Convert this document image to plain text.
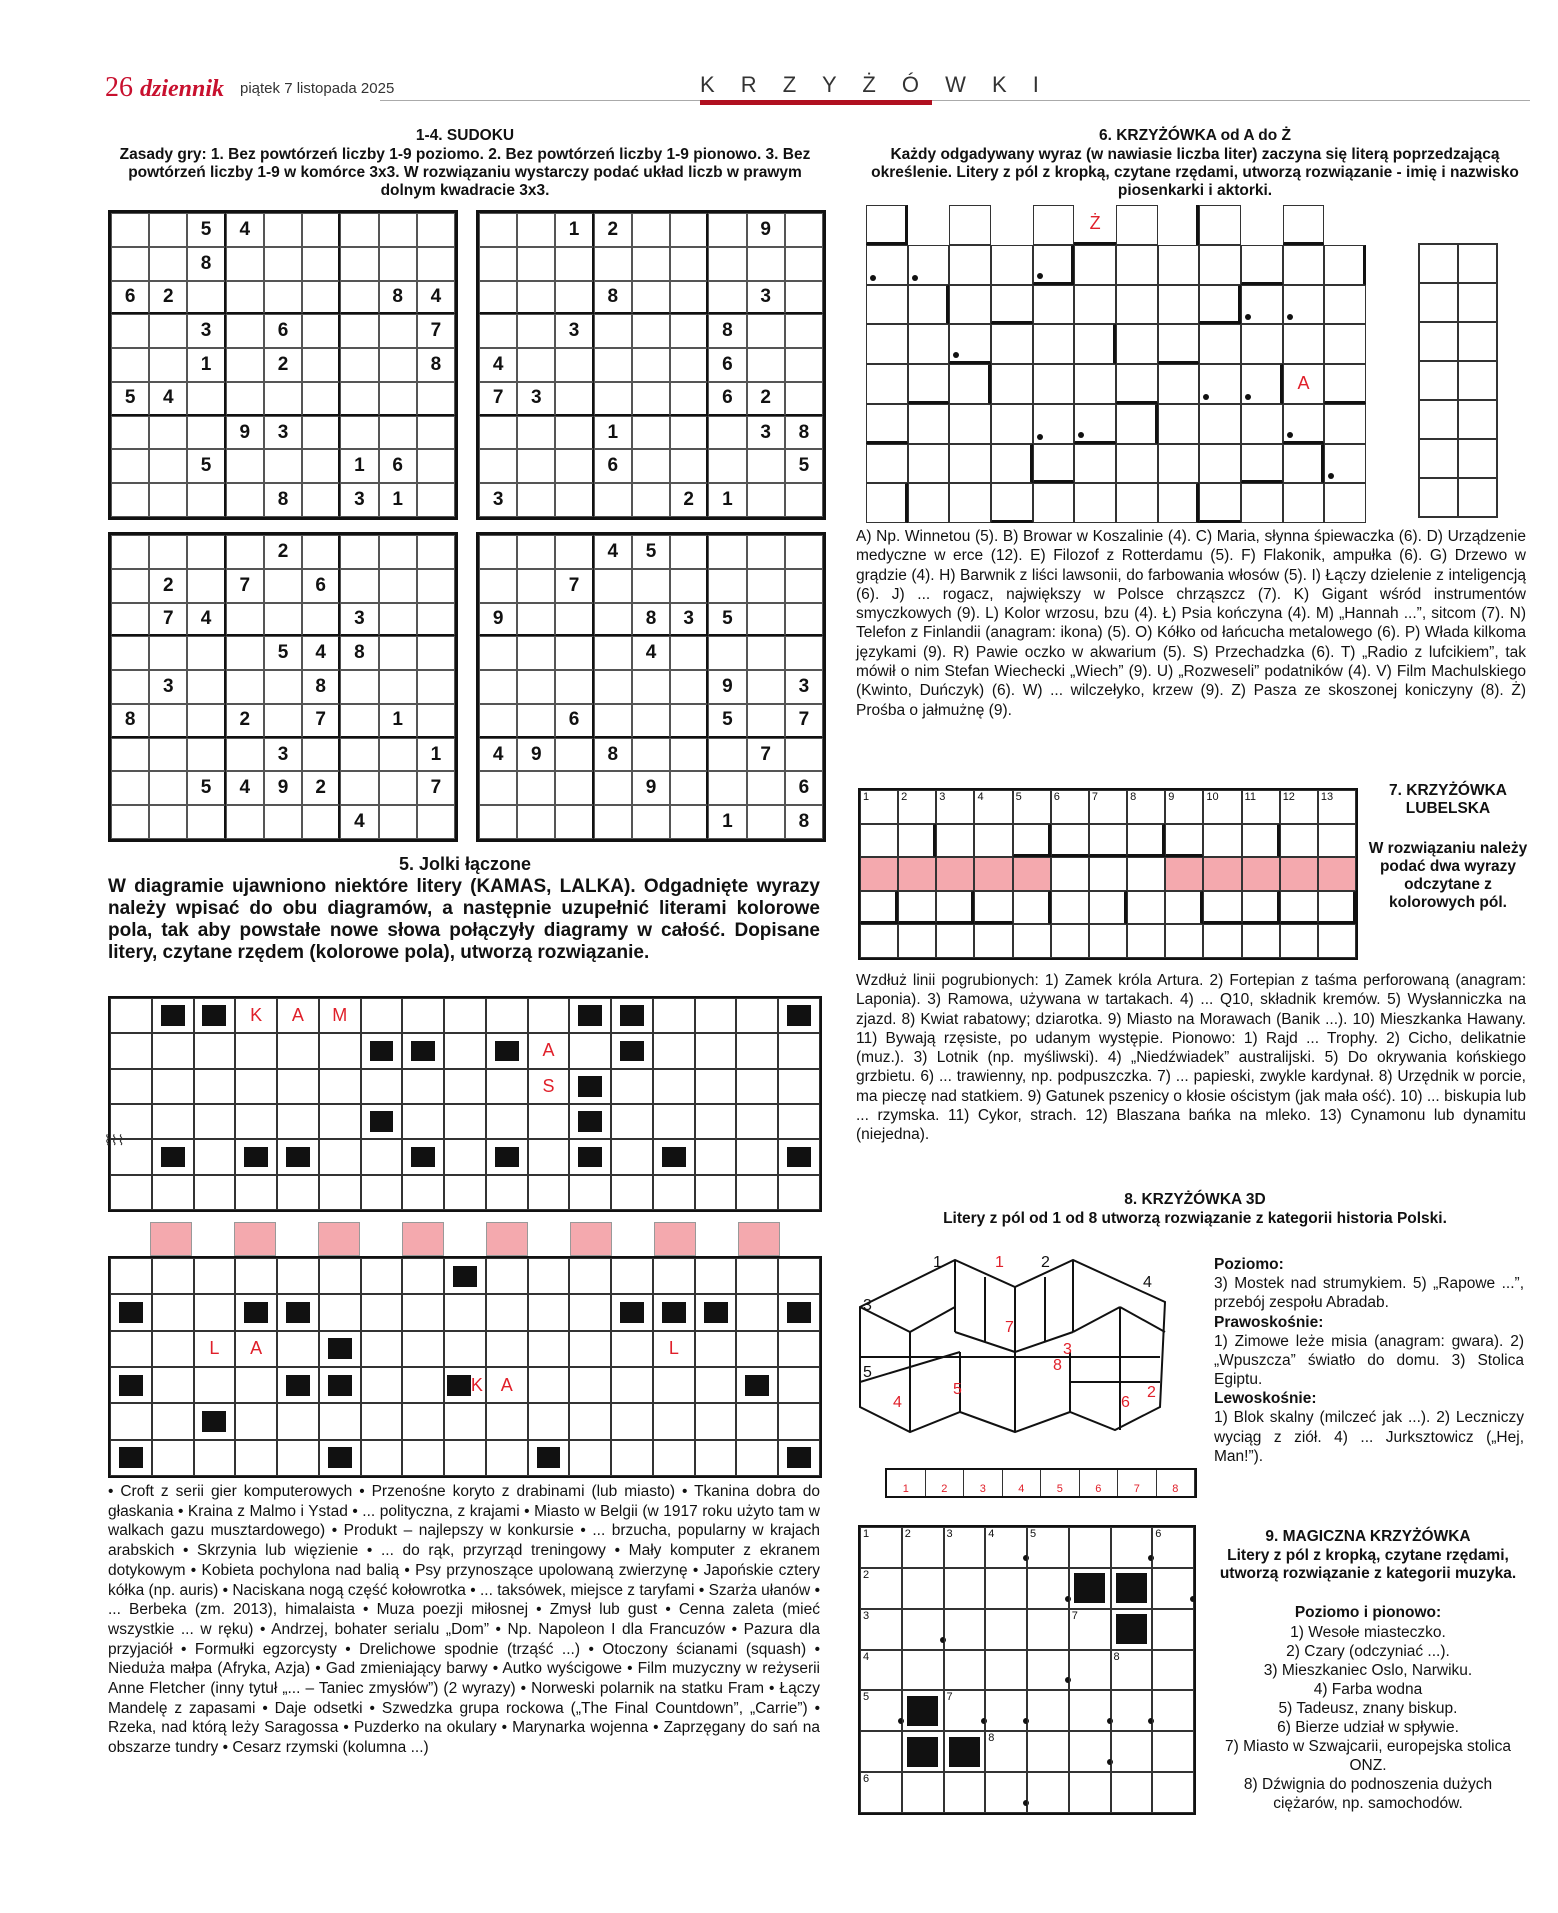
26 dziennik piątek 7 listopada 2025	K R Z Y Ż Ó W K I
1-4. SUDOKU
Zasady gry: 1. Bez powtórzeń liczby 1-9 poziomo. 2. Bez powtórzeń liczby 1-9 pionowo. 3. Bez powtórzeń liczby 1-9 w komórce 3x3. W rozwiązaniu wystarczy podać układ liczb w prawym dolnym kwadracie 3x3.
5	4
8
6	2	8	4
3	6	7
1	2	8
5	4
9	3
5	1	6
8	3	1
1	2	9
8	3
3	8
4	6
7	3	6	2
1	3	8
6	5
3	2	1
2
2	7	6
7	4	3
5	4	8
3	8
8	2	7	1
3	1
5	4	9	2	7
4
4	5
7
9	8	3	5
4
9	3
6	5	7
4	9	8	7
9	6
1	8
5. Jolki łączone
W diagramie ujawniono niektóre litery (KAMAS, LALKA). Odgadnięte wyrazy należy wpisać do obu diagramów, a następnie uzupełnić literami kolorowe pola, tak aby powstałe nowe słowa połączyły diagramy w całość. Dopisane litery, czytane rzędem (kolorowe pola), utworzą rozwiązanie.
K A M
A
S
L A	L
K A
⌇⌇⌇
• Croft z serii gier komputerowych • Przenośne koryto z drabinami (lub miasto) • Tkanina dobra do głaskania • Kraina z Malmo i Ystad • ... polityczna, z krajami • Miasto w Belgii (w 1917 roku użyto tam w walkach gazu musztardowego) • Produkt – najlepszy w konkursie • ... brzucha, popularny w krajach arabskich • Skrzynia lub więzienie • ... do rąk, przyrząd treningowy • Mały komputer z ekranem dotykowym • Kobieta pochylona nad balią • Psy przynoszące upolowaną zwierzynę • Japońskie cztery kółka (np. auris) • Naciskana nogą część kołowrotka • ... taksówek, miejsce z taryfami • Szarża ułanów • ... Berbeka (zm. 2013), himalaista • Muza poezji miłosnej • Zmysł lub gust • Cenna zaleta (mieć wszystkie ... w ręku) • Andrzej, bohater serialu „Dom” • Np. Napoleon I dla Francuzów • Pazura dla przyjaciół • Formułki egzorcysty • Drelichowe spodnie (trząść ...) • Otoczony ścianami (squash) • Nieduża małpa (Afryka, Azja) • Gad zmieniający barwy • Autko wyścigowe • Film muzyczny w reżyserii Anne Fletcher (inny tytuł „... – Taniec zmysłów”) (2 wyrazy) • Norweski polarnik na statku Fram • Łączy Mandelę z zapasami • Daje odsetki • Szwedzka grupa rockowa („The Final Countdown”, „Carrie”) • Rzeka, nad którą leży Saragossa • Puzderko na okulary • Marynarka wojenna • Zaprzęgany do sań na obszarze tundry • Cesarz rzymski (kolumna ...)
6. KRZYŻÓWKA od A do Ż
Każdy odgadywany wyraz (w nawiasie liczba liter) zaczyna się literą poprzedzającą określenie. Litery z pól z kropką, czytane rzędami, utworzą rozwiązanie - imię i nazwisko piosenkarki i aktorki.
Ż
A
A) Np. Winnetou (5). B) Browar w Koszalinie (4). C) Maria, słynna śpiewaczka (6). D) Urządzenie medyczne w erce (12). E) Filozof z Rotterdamu (5). F) Flakonik, ampułka (6). G) Drzewo w grądzie (4). H) Barwnik z liści lawsonii, do farbowania włosów (5). I) Łączy dzielenie z inteligencją (6). J) ... rogacz, największy w Polsce chrząszcz (7). K) Gigant wśród instrumentów smyczkowych (9). L) Kolor wrzosu, bzu (4). Ł) Psia kończyna (4). M) „Hannah ...”, sitcom (7). N) Telefon z Finlandii (anagram: ikona) (5). O) Kółko od łańcucha metalowego (6). P) Włada kilkoma językami (9). R) Pawie oczko w akwarium (5). S) Przechadzka (6). T) „Radio z lufcikiem”, tak mówił o nim Stefan Wiechecki „Wiech” (9). U) „Rozweseli” podatników (4). V) Film Machulskiego (Kwinto, Duńczyk) (6). W) ... wilczełyko, krzew (9). Z) Pasza ze skoszonej koniczyny (8). Ż) Prośba o jałmużnę (9).
1	2	3	4	5	6	7	8	9	10 11 12 13	7. KRZYŻÓWKA LUBELSKA
W rozwiązaniu należy podać dwa wyrazy odczytane z kolorowych pól.
Wzdłuż linii pogrubionych: 1) Zamek króla Artura. 2) Fortepian z taśma perforowaną (anagram: Laponia). 3) Ramowa, używana w tartakach. 4) ... Q10, składnik kremów. 5) Wysłanniczka na zjazd. 8) Kwiat rabatowy; dziarotka. 9) Miasto na Morawach (Banik ...). 10) Mieszkanka Hawany. 11) Bywają rzęsiste, po udanym występie. Pionowo: 1) Rajd ... Trophy. 2) Cicho, delikatnie (muz.). 3) Lotnik (np. myśliwski). 4) „Niedźwiadek” australijski. 5) Do okrywania końskiego grzbietu. 6) ... trawienny, np. podpuszczka. 7) ... papieski, zwykle kardynał. 8) Urzędnik w porcie, ma pieczę nad statkiem. 9) Gatunek pszenicy o kłosie ościstym (jak mała ość). 10) ... biskupia lub ... rzymska. 11) Cykor, strach. 12) Blaszana bańka na mleko. 13) Cynamonu lub dynamitu (niejedna).
8. KRZYŻÓWKA 3D
Litery z pól od 1 od 8 utworzą rozwiązanie z kategorii historia Polski.
1	2
3
4
5
1
2
3
4
5
6
7
8
1	2	3	4	5	6	7	8
Poziomo:
3) Mostek nad strumykiem. 5) „Rapowe ...”, przebój zespołu Abradab.
Prawoskośnie:
1) Zimowe leże misia (anagram: gwara). 2) „Wpuszcza” światło do domu. 3) Stolica Egiptu.
Lewoskośnie:
1) Blok skalny (milczeć jak ...). 2) Leczniczy wyciąg z ziół. 4) ... Jurksztowicz („Hej, Man!”).
1	2	3	4	5	6
2
3	7
4	8
5	7
8
6
9. MAGICZNA KRZYŻÓWKA
Litery z pól z kropką, czytane rzędami, utworzą rozwiązanie z kategorii muzyka.
Poziomo i pionowo:
1) Wesołe miasteczko.
2) Czary (odczyniać ...).
3) Mieszkaniec Oslo, Narwiku.
4) Farba wodna
5) Tadeusz, znany biskup.
6) Bierze udział w spływie.
7) Miasto w Szwajcarii, europejska stolica ONZ.
8) Dźwignia do podnoszenia dużych ciężarów, np. samochodów.
